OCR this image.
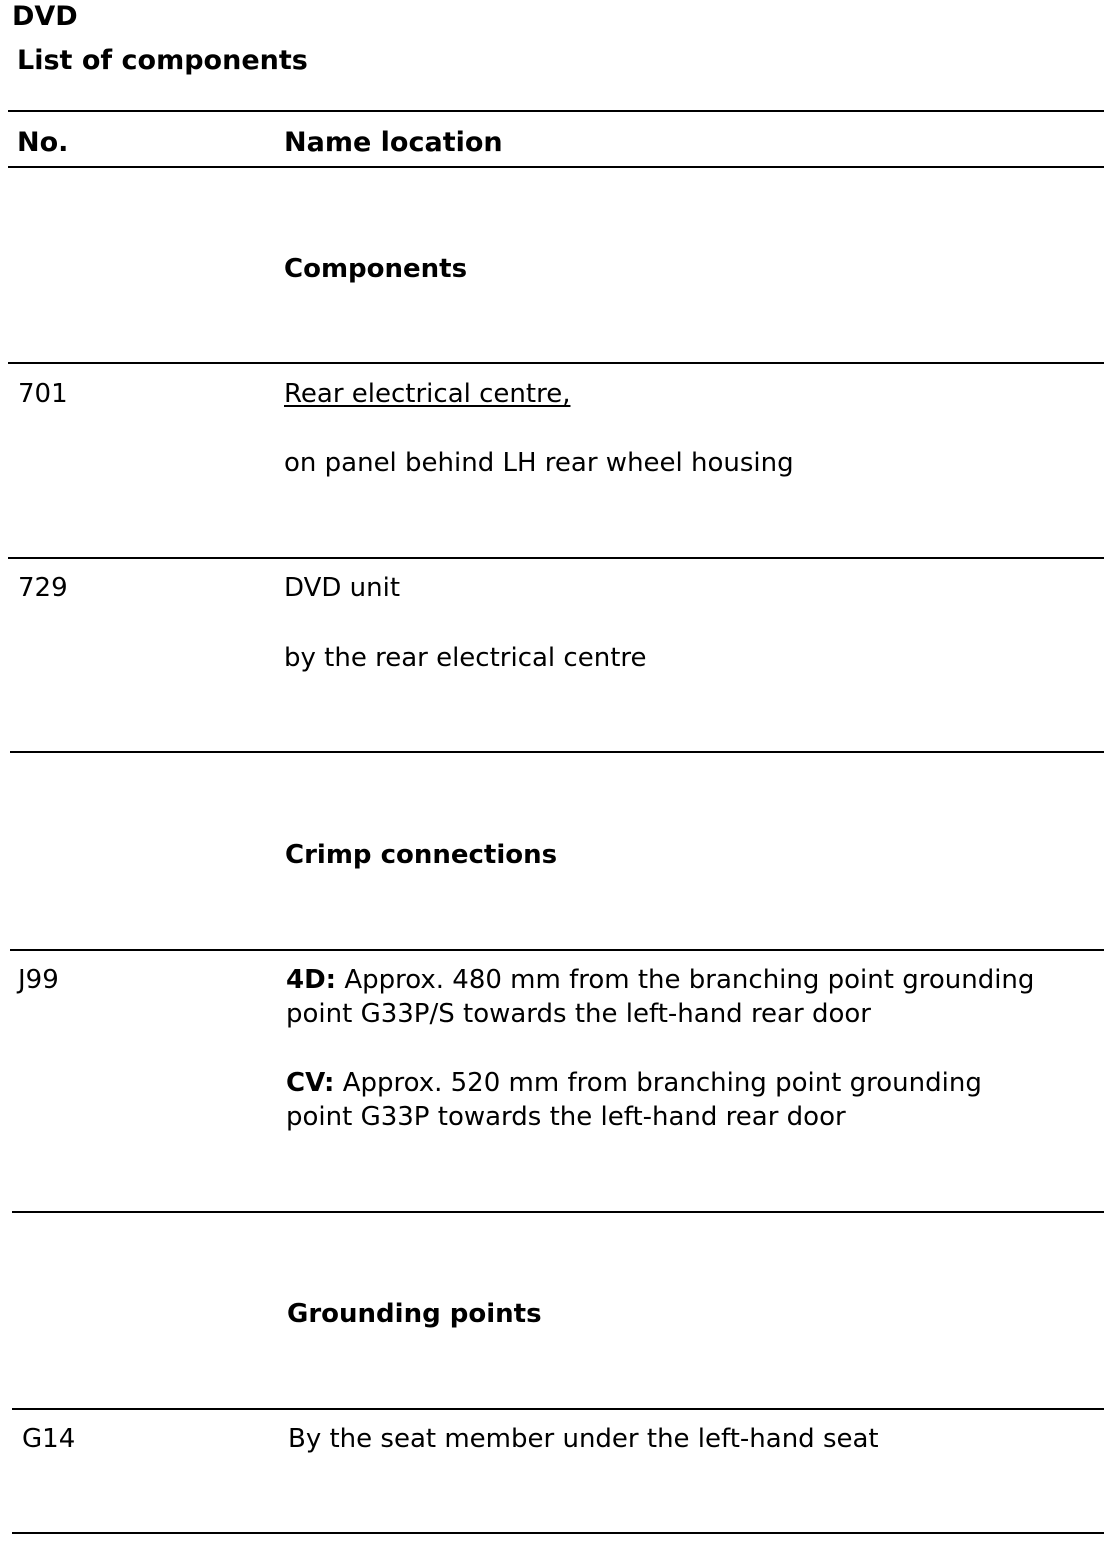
DVD
List of components
No.	Name location
Components
701	Rear electrical centre,
on panel behind LH rear wheel housing
729	DVD unit
by the rear electrical centre
Crimp connections
J99	4D: Approx. 480 mm from the branching point grounding
point G33P/S towards the left-hand rear door
CV: Approx. 520 mm from branching point grounding
point G33P towards the left-hand rear door
Grounding points
G14	By the seat member under the left-hand seat
